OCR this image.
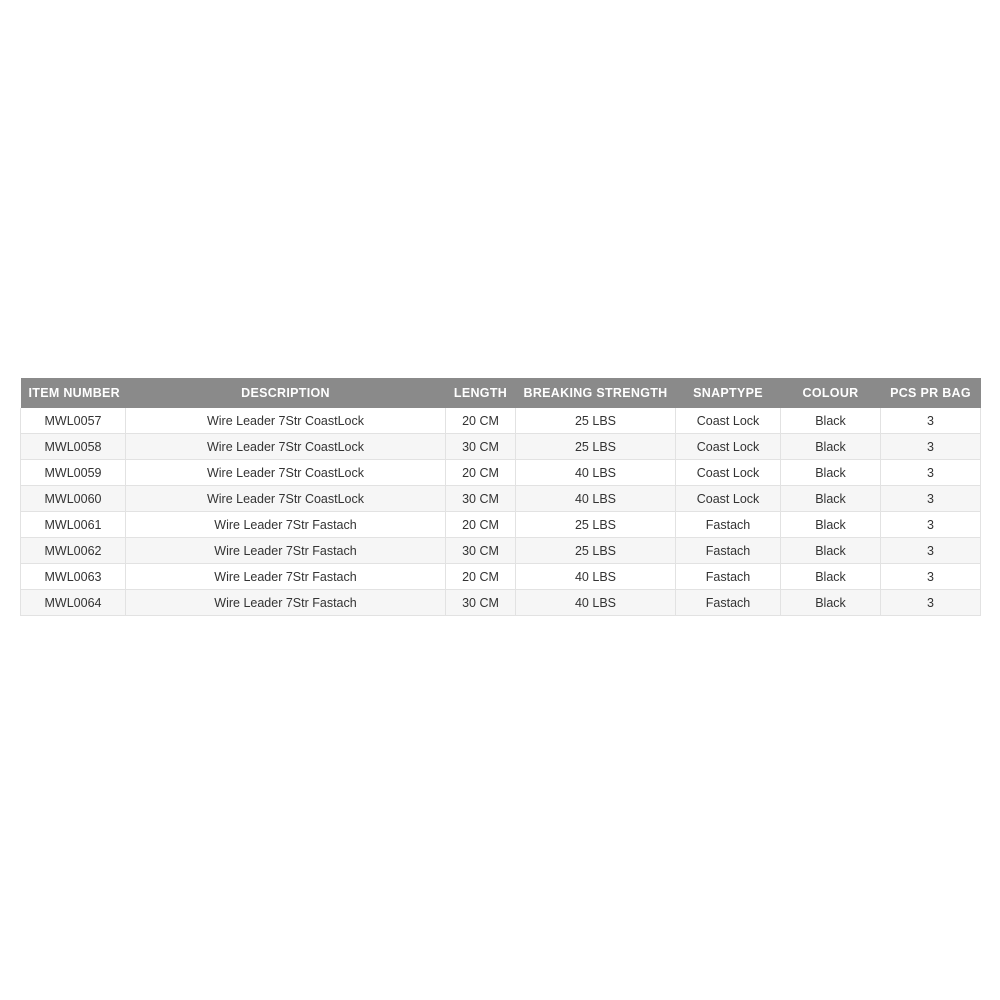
ITEM NUMBER	DESCRIPTION	LENGTH	BREAKING STRENGTH	SNAPTYPE	COLOUR	PCS PR BAG
MWL0057	Wire Leader 7Str CoastLock	20 CM	25 LBS	Coast Lock	Black	3
MWL0058	Wire Leader 7Str CoastLock	30 CM	25 LBS	Coast Lock	Black	3
MWL0059	Wire Leader 7Str CoastLock	20 CM	40 LBS	Coast Lock	Black	3
MWL0060	Wire Leader 7Str CoastLock	30 CM	40 LBS	Coast Lock	Black	3
MWL0061	Wire Leader 7Str Fastach	20 CM	25 LBS	Fastach	Black	3
MWL0062	Wire Leader 7Str Fastach	30 CM	25 LBS	Fastach	Black	3
MWL0063	Wire Leader 7Str Fastach	20 CM	40 LBS	Fastach	Black	3
MWL0064	Wire Leader 7Str Fastach	30 CM	40 LBS	Fastach	Black	3
